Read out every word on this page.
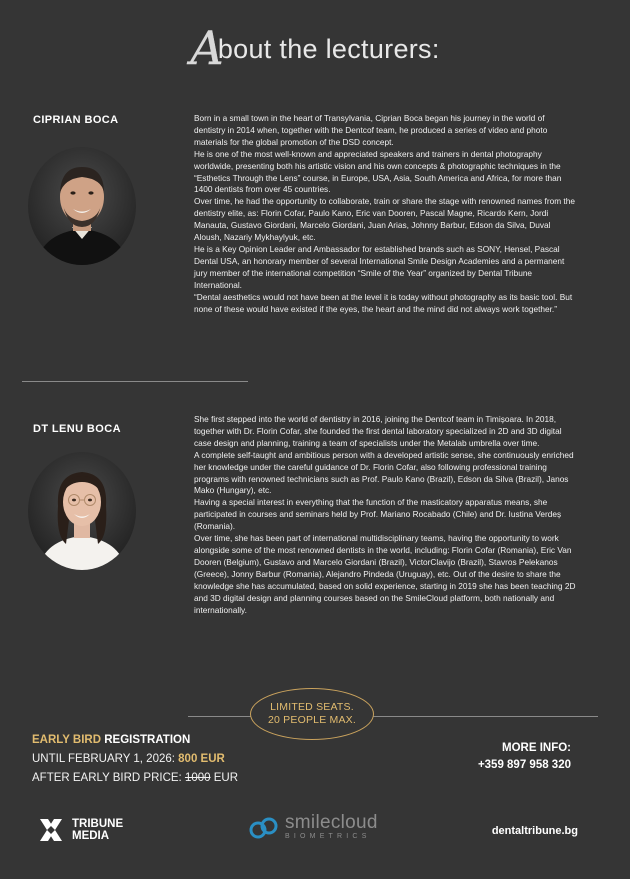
About the lecturers:
CIPRIAN BOCA	Born in a small town in the heart of Transylvania, Ciprian Boca began his journey in the world of dentistry in 2014 when, together with the Dentcof team, he produced a series of video and photo materials for the global promotion of the DSD concept.

He is one of the most well-known and appreciated speakers and trainers in dental photography worldwide, presenting both his artistic vision and his own concepts & photographic techniques in the “Esthetics Through the Lens” course, in Europe, USA, Asia, South America and Africa, for more than 1400 dentists from over 45 countries.

Over time, he had the opportunity to collaborate, train or share the stage with renowned names from the dentistry elite, as: Florin Cofar, Paulo Kano, Eric van Dooren, Pascal Magne, Ricardo Kern, Jordi Manauta, Gustavo Giordani, Marcelo Giordani, Juan Arias, Johnny Barbur, Edson da Silva, Duval Aloush, Nazariy Mykhaylyuk, etc.

He is a Key Opinion Leader and Ambassador for established brands such as SONY, Hensel, Pascal Dental USA, an honorary member of several International Smile Design Academies and a permanent jury member of the international competition “Smile of the Year” organized by Dental Tribune International.

“Dental aesthetics would not have been at the level it is today without photography as its basic tool. But none of these would have existed if the eyes, the heart and the mind did not always work together.”

DT LENU BOCA

She first stepped into the world of dentistry in 2016, joining the Dentcof team in Timișoara. In 2018, together with Dr. Florin Cofar, she founded the first dental laboratory specialized in 2D and 3D digital case design and planning, training a team of specialists under the Metalab umbrella over time.

A complete self-taught and ambitious person with a developed artistic sense, she continuously enriched her knowledge under the careful guidance of Dr. Florin Cofar, also following professional training programs with renowned technicians such as Prof. Paulo Kano (Brazil), Edson da Silva (Brazil), Janos Mako (Hungary), etc.

Having a special interest in everything that the function of the masticatory apparatus means, she participated in courses and seminars held by Prof. Mariano Rocabado (Chile) and Dr. Iustina Verdeș (Romania).

Over time, she has been part of international multidisciplinary teams, having the opportunity to work alongside some of the most renowned dentists in the world, including: Florin Cofar (Romania), Eric Van Dooren (Belgium), Gustavo and Marcelo Giordani (Brazil), VictorClavijo (Brazil), Stavros Pelekanos (Greece), Jonny Barbur (Romania), Alejandro Pindeda (Uruguay), etc. Out of the desire to share the knowledge she has accumulated, based on solid experience, starting in 2019 she has been teaching 2D and 3D digital design and planning courses based on the SmileCloud platform, both nationally and internationally.

LIMITED SEATS.
20 PEOPLE MAX.
EARLY BIRD REGISTRATION
UNTIL FEBRUARY 1, 2026: 800 EUR
AFTER EARLY BIRD PRICE: 1000 EUR
MORE INFO:
+359 897 958 320
TRIBUNE
MEDIA
smilecloud
BIOMETRICS	dentaltribune.bg
